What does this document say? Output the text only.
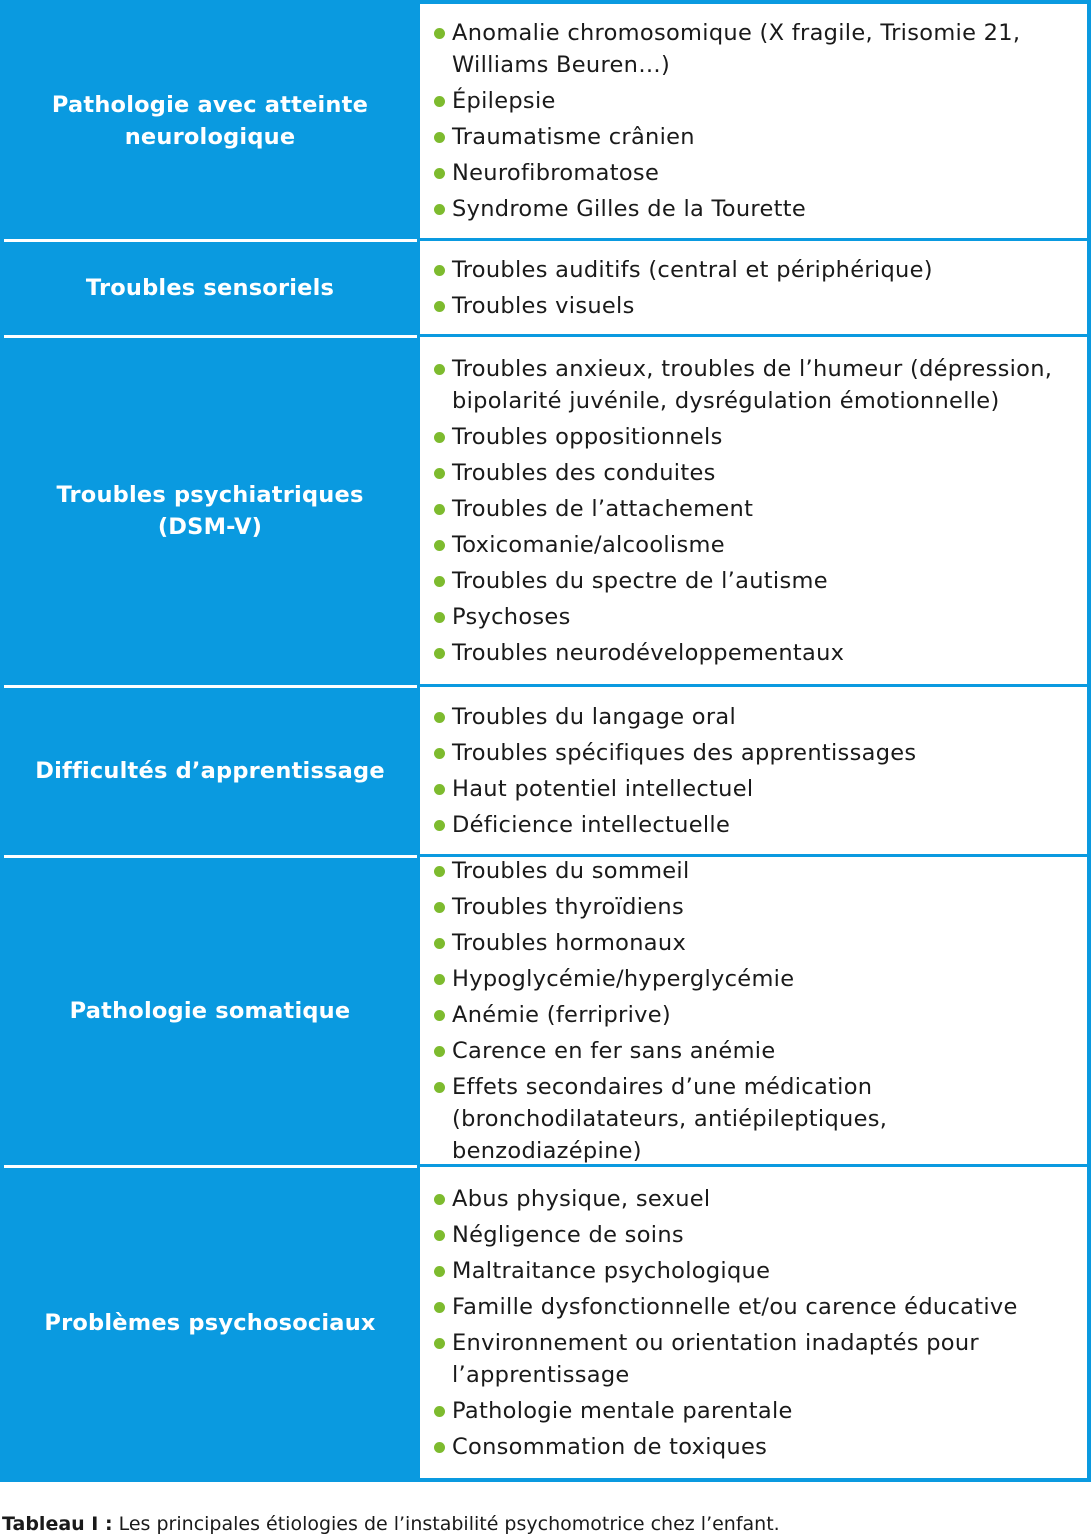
Pathologie avec atteinte neurologique
Anomalie chromosomique (X fragile, Trisomie 21, Williams Beuren…)
Épilepsie
Traumatisme crânien
Neurofibromatose
Syndrome Gilles de la Tourette
Troubles sensoriels
Troubles auditifs (central et périphérique)
Troubles visuels
Troubles psychiatriques (DSM-V)
Troubles anxieux, troubles de l’humeur (dépression, bipolarité juvénile, dysrégulation émotionnelle)
Troubles oppositionnels
Troubles des conduites
Troubles de l’attachement
Toxicomanie/alcoolisme
Troubles du spectre de l’autisme
Psychoses
Troubles neurodéveloppementaux
Difficultés d’apprentissage
Troubles du langage oral
Troubles spécifiques des apprentissages
Haut potentiel intellectuel
Déficience intellectuelle
Pathologie somatique
Troubles du sommeil
Troubles thyroïdiens
Troubles hormonaux
Hypoglycémie/hyperglycémie
Anémie (ferriprive)
Carence en fer sans anémie
Effets secondaires d’une médication (bronchodilatateurs, antiépileptiques, benzodiazépine)
Problèmes psychosociaux
Abus physique, sexuel
Négligence de soins
Maltraitance psychologique
Famille dysfonctionnelle et/ou carence éducative
Environnement ou orientation inadaptés pour l’apprentissage
Pathologie mentale parentale
Consommation de toxiques
Tableau I : Les principales étiologies de l’instabilité psychomotrice chez l’enfant.
